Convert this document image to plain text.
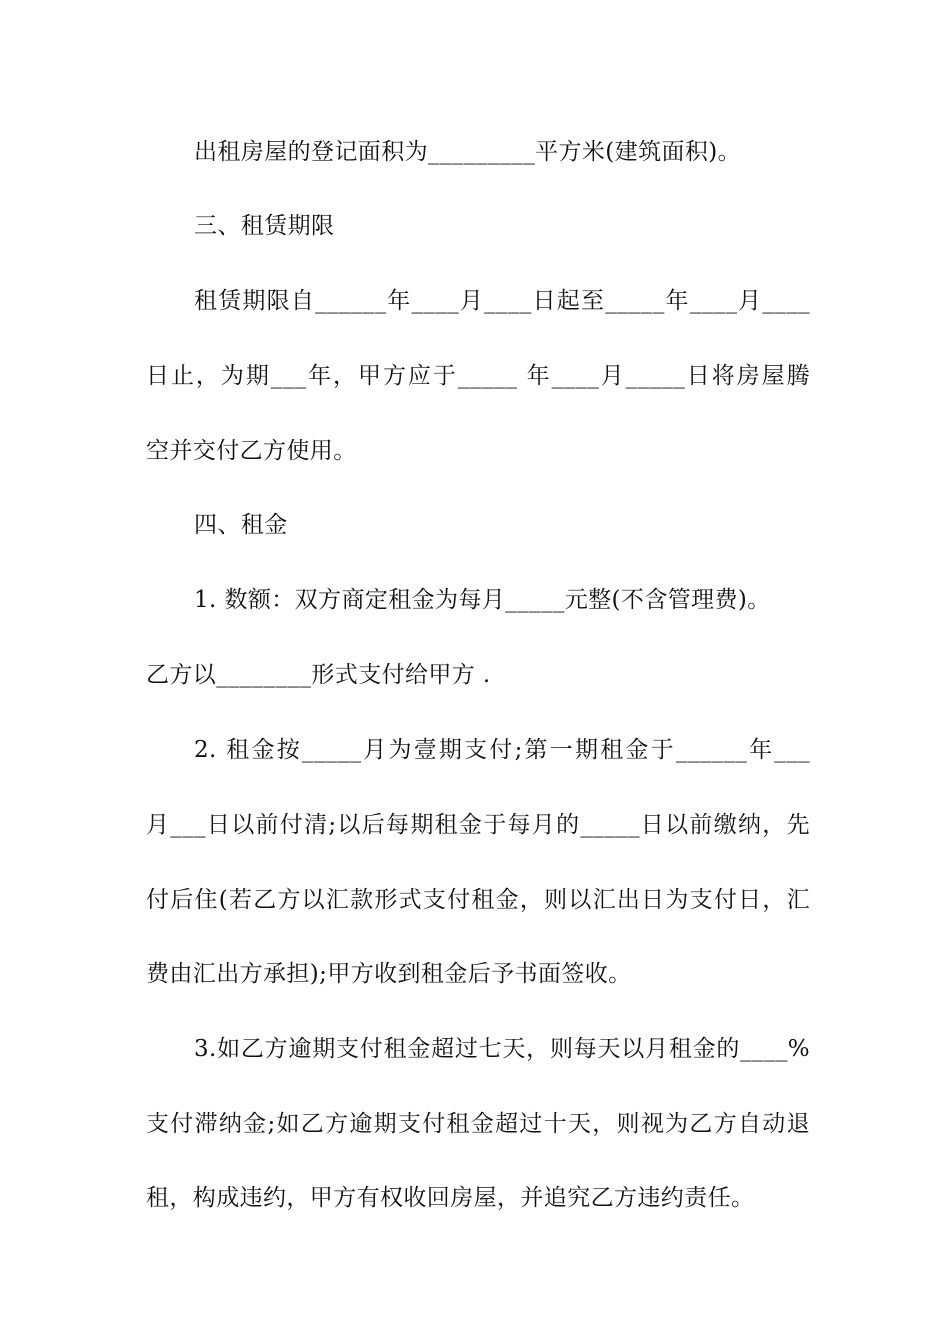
出租房屋的登记面积为_________平方米(建筑面积)。
三、租赁期限
租赁期限自______年____月____日起至_____年____月____
日止，为期___年，甲方应于_____ 年____月_____日将房屋腾
空并交付乙方使用。
四、租金
1. 数额：双方商定租金为每月_____元整(不含管理费)。
乙方以________形式支付给甲方 .
2. 租金按_____月为壹期支付;第一期租金于______年___
月___日以前付清;以后每期租金于每月的_____日以前缴纳，先
付后住(若乙方以汇款形式支付租金，则以汇出日为支付日，汇
费由汇出方承担);甲方收到租金后予书面签收。
3.如乙方逾期支付租金超过七天，则每天以月租金的____%
支付滞纳金;如乙方逾期支付租金超过十天，则视为乙方自动退
租，构成违约，甲方有权收回房屋，并追究乙方违约责任。
